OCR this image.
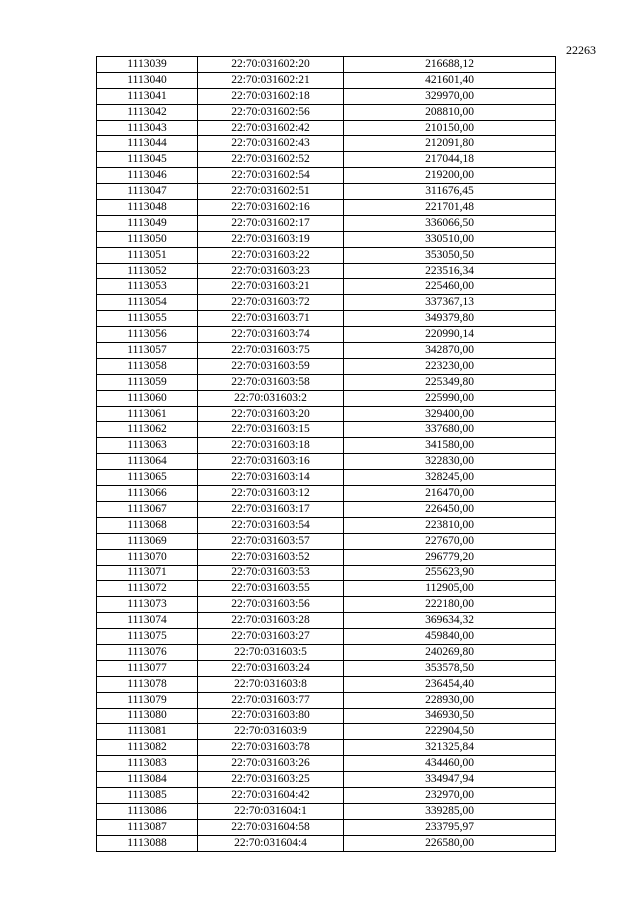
22263
1113039	22:70:031602:20	216688,12
1113040	22:70:031602:21	421601,40
1113041	22:70:031602:18	329970,00
1113042	22:70:031602:56	208810,00
1113043	22:70:031602:42	210150,00
1113044	22:70:031602:43	212091,80
1113045	22:70:031602:52	217044,18
1113046	22:70:031602:54	219200,00
1113047	22:70:031602:51	311676,45
1113048	22:70:031602:16	221701,48
1113049	22:70:031602:17	336066,50
1113050	22:70:031603:19	330510,00
1113051	22:70:031603:22	353050,50
1113052	22:70:031603:23	223516,34
1113053	22:70:031603:21	225460,00
1113054	22:70:031603:72	337367,13
1113055	22:70:031603:71	349379,80
1113056	22:70:031603:74	220990,14
1113057	22:70:031603:75	342870,00
1113058	22:70:031603:59	223230,00
1113059	22:70:031603:58	225349,80
1113060	22:70:031603:2	225990,00
1113061	22:70:031603:20	329400,00
1113062	22:70:031603:15	337680,00
1113063	22:70:031603:18	341580,00
1113064	22:70:031603:16	322830,00
1113065	22:70:031603:14	328245,00
1113066	22:70:031603:12	216470,00
1113067	22:70:031603:17	226450,00
1113068	22:70:031603:54	223810,00
1113069	22:70:031603:57	227670,00
1113070	22:70:031603:52	296779,20
1113071	22:70:031603:53	255623,90
1113072	22:70:031603:55	112905,00
1113073	22:70:031603:56	222180,00
1113074	22:70:031603:28	369634,32
1113075	22:70:031603:27	459840,00
1113076	22:70:031603:5	240269,80
1113077	22:70:031603:24	353578,50
1113078	22:70:031603:8	236454,40
1113079	22:70:031603:77	228930,00
1113080	22:70:031603:80	346930,50
1113081	22:70:031603:9	222904,50
1113082	22:70:031603:78	321325,84
1113083	22:70:031603:26	434460,00
1113084	22:70:031603:25	334947,94
1113085	22:70:031604:42	232970,00
1113086	22:70:031604:1	339285,00
1113087	22:70:031604:58	233795,97
1113088	22:70:031604:4	226580,00
